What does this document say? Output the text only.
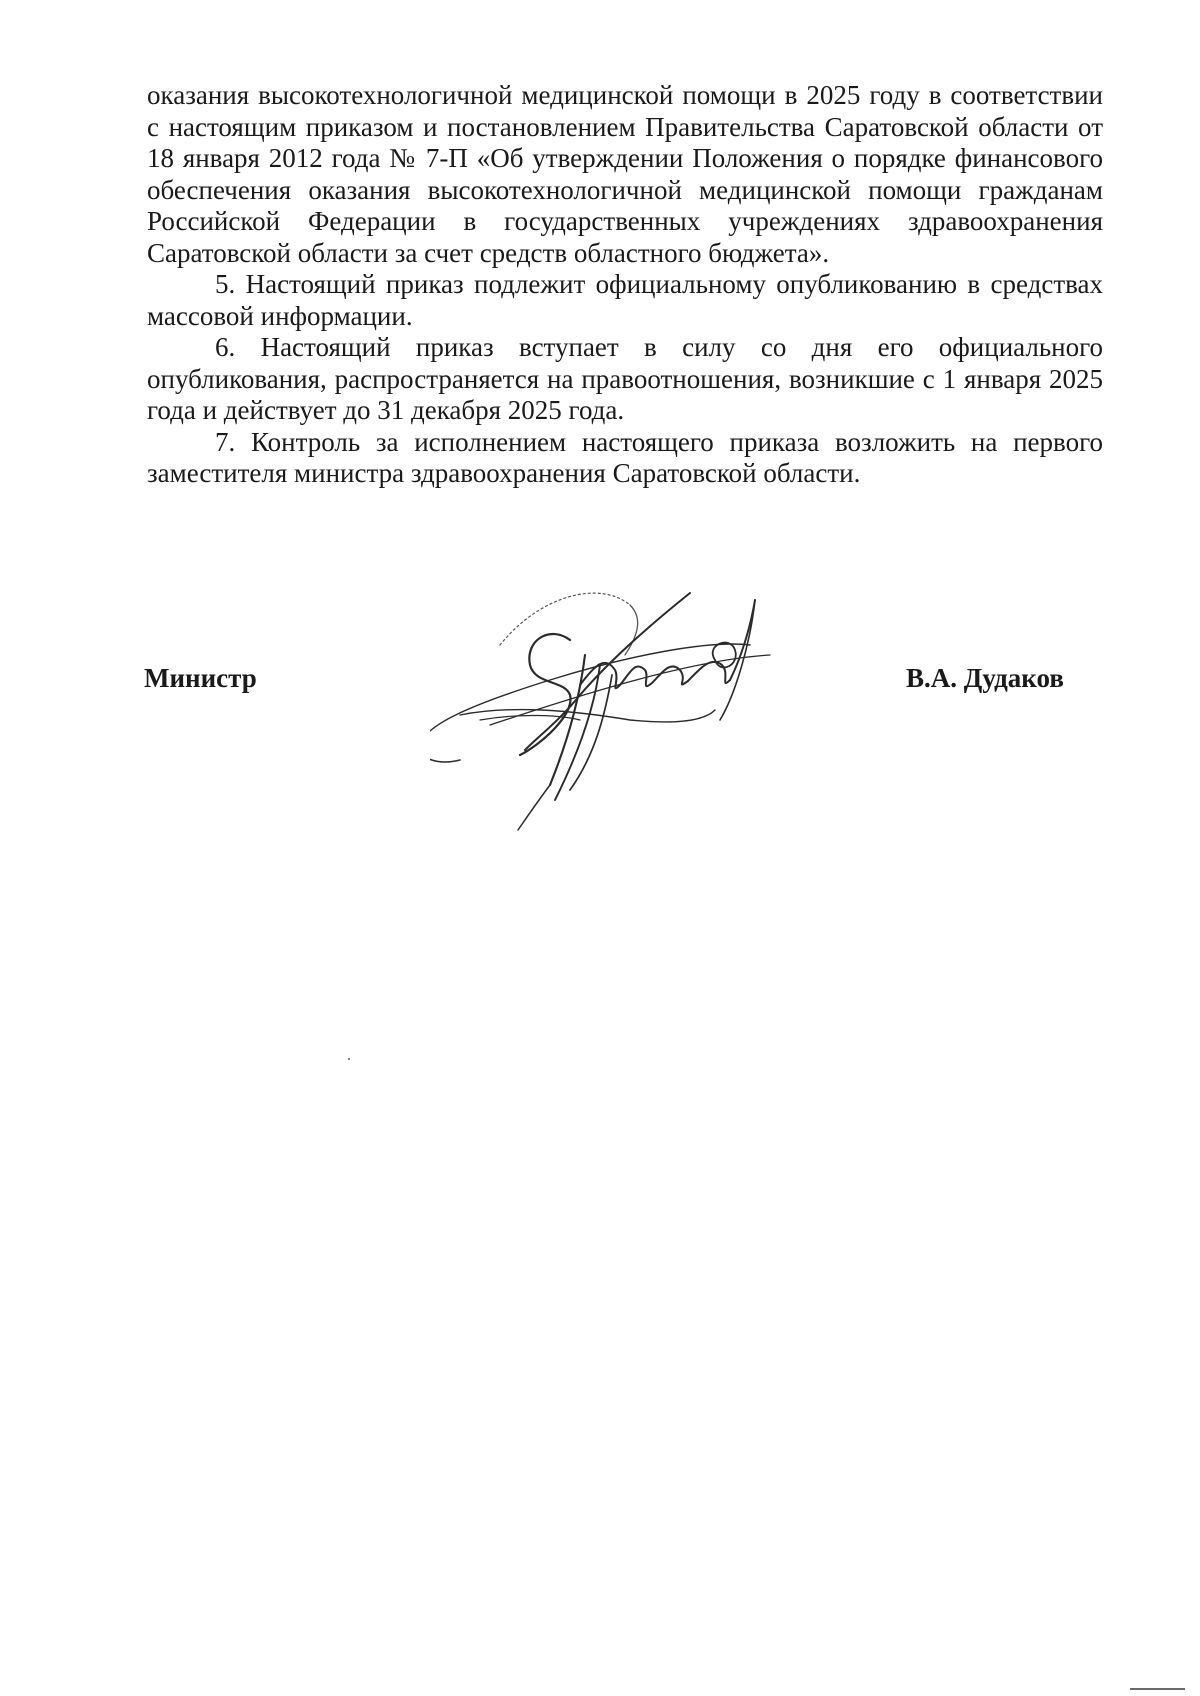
оказания высокотехнологичной медицинской помощи в 2025 году в соответствии с настоящим приказом и постановлением Правительства Саратовской области от 18 января 2012 года № 7-П «Об утверждении Положения о порядке финансового обеспечения оказания высокотехнологичной медицинской помощи гражданам Российской Федерации в государственных учреждениях здравоохранения Саратовской области за счет средств областного бюджета».

5. Настоящий приказ подлежит официальному опубликованию в средствах массовой информации.

6. Настоящий приказ вступает в силу со дня его официального опубликования, распространяется на правоотношения, возникшие с 1 января 2025 года и действует до 31 декабря 2025 года.

7. Контроль за исполнением настоящего приказа возложить на первого заместителя министра здравоохранения Саратовской области.

Министр	В.А. Дудаков
